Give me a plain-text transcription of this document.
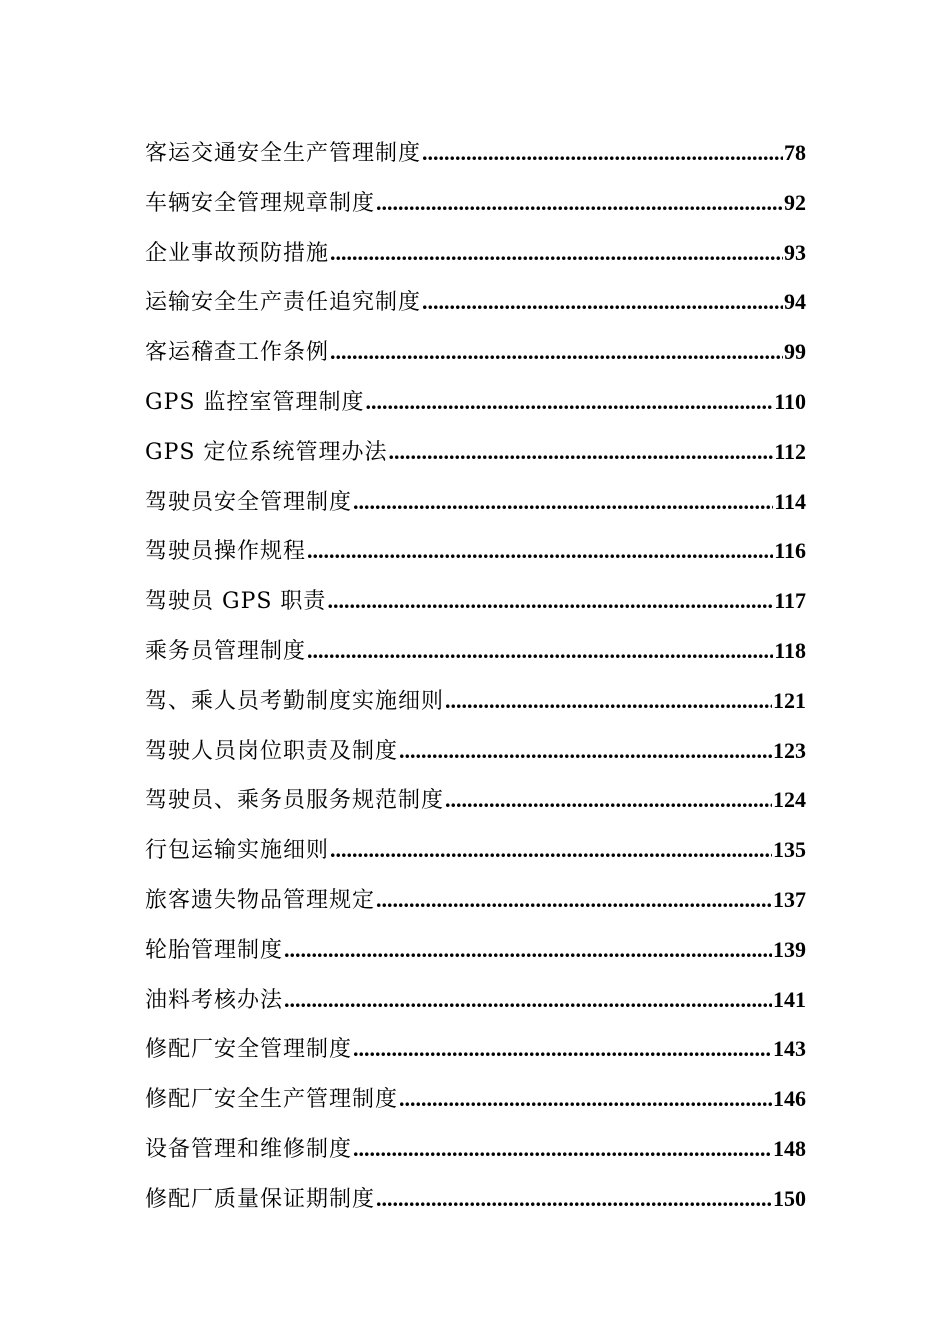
客运交通安全生产管理制度 .....	78
车辆安全管理规章制度 .....	92
企业事故预防措施 .....	93
运输安全生产责任追究制度 .....	94
客运稽查工作条例 .....	99
GPS 监控室管理制度 .....	110
GPS 定位系统管理办法 .....	112
驾驶员安全管理制度 .....	114
驾驶员操作规程 .....	116
驾驶员 GPS 职责 .....	117
乘务员管理制度 .....	118
驾、乘人员考勤制度实施细则 .....	121
驾驶人员岗位职责及制度 .....	123
驾驶员、乘务员服务规范制度 .....	124
行包运输实施细则 .....	135
旅客遗失物品管理规定 .....	137
轮胎管理制度 .....	139
油料考核办法 .....	141
修配厂安全管理制度 .....	143
修配厂安全生产管理制度 .....	146
设备管理和维修制度 .....	148
修配厂质量保证期制度 .....	150
